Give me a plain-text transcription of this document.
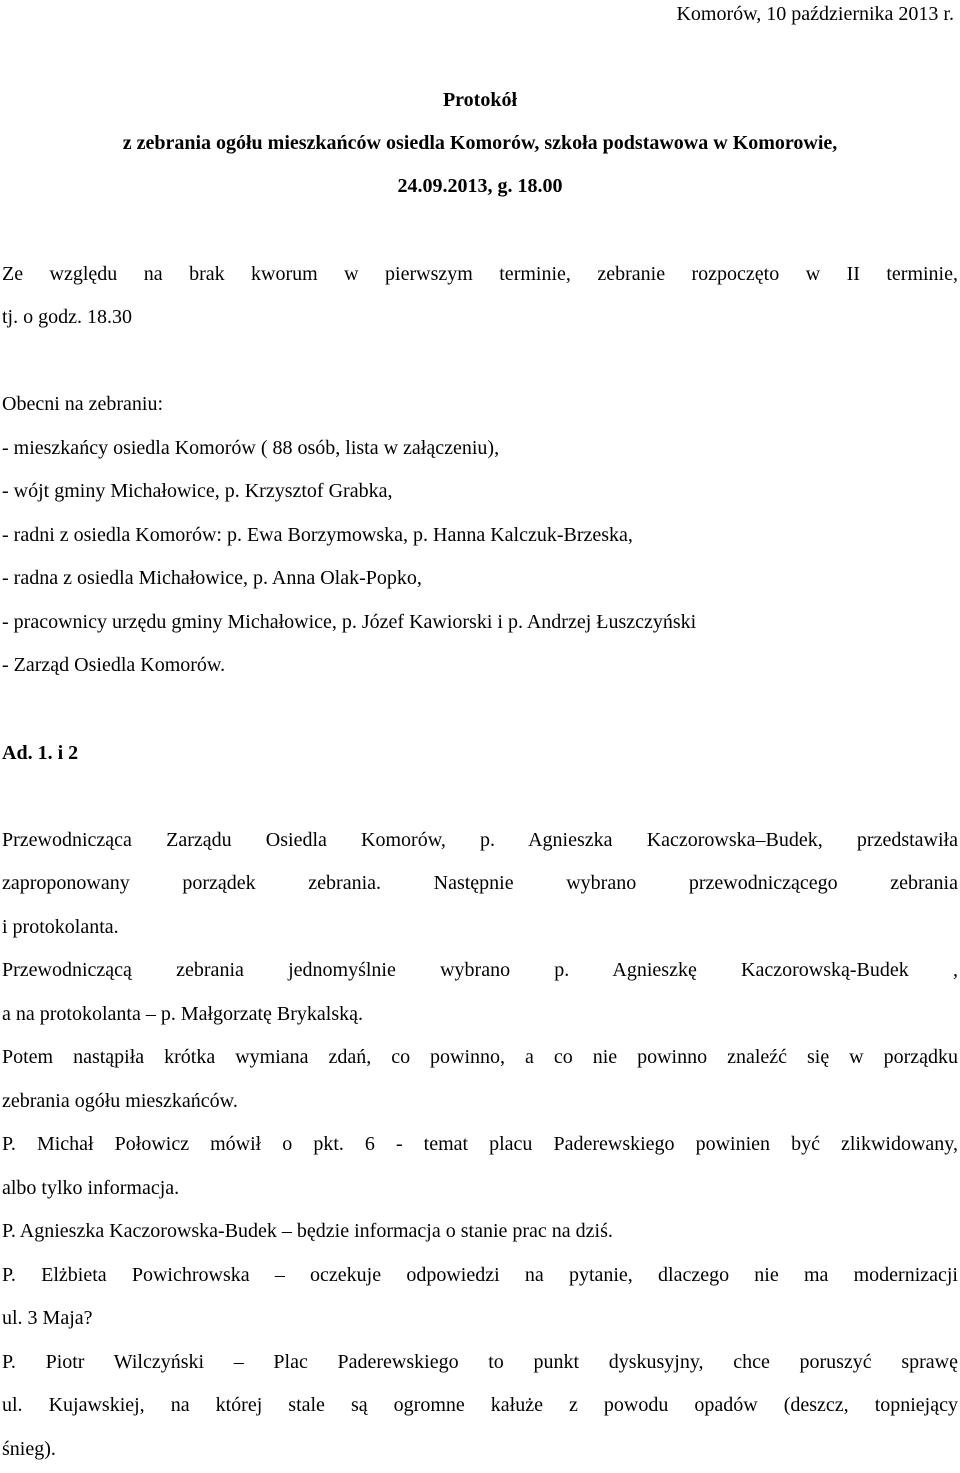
Komorów, 10 października 2013 r.
Protokół
z zebrania ogółu mieszkańców osiedla Komorów, szkoła podstawowa w Komorowie,
24.09.2013, g. 18.00
Ze względu na brak kworum w pierwszym terminie, zebranie rozpoczęto w II terminie,
tj. o godz. 18.30
Obecni na zebraniu:
- mieszkańcy osiedla Komorów ( 88 osób, lista w załączeniu),
- wójt gminy Michałowice, p. Krzysztof Grabka,
- radni z osiedla Komorów: p. Ewa Borzymowska, p. Hanna Kalczuk-Brzeska,
- radna z osiedla Michałowice, p. Anna Olak-Popko,
- pracownicy urzędu gminy Michałowice, p. Józef Kawiorski i p. Andrzej Łuszczyński
- Zarząd Osiedla Komorów.
Ad. 1. i 2
Przewodnicząca Zarządu Osiedla Komorów, p. Agnieszka Kaczorowska–Budek, przedstawiła
zaproponowany porządek zebrania. Następnie wybrano przewodniczącego zebrania
i protokolanta.
Przewodniczącą zebrania jednomyślnie wybrano p. Agnieszkę Kaczorowską-Budek ,
a na protokolanta – p. Małgorzatę Brykalską.
Potem nastąpiła krótka wymiana zdań, co powinno, a co nie powinno znaleźć się w porządku
zebrania ogółu mieszkańców.
P. Michał Połowicz mówił o pkt. 6 - temat placu Paderewskiego powinien być zlikwidowany,
albo tylko informacja.
P. Agnieszka Kaczorowska-Budek – będzie informacja o stanie prac na dziś.
P. Elżbieta Powichrowska – oczekuje odpowiedzi na pytanie, dlaczego nie ma modernizacji
ul. 3 Maja?
P. Piotr Wilczyński – Plac Paderewskiego to punkt dyskusyjny, chce poruszyć sprawę
ul. Kujawskiej, na której stale są ogromne kałuże z powodu opadów (deszcz, topniejący
śnieg).
